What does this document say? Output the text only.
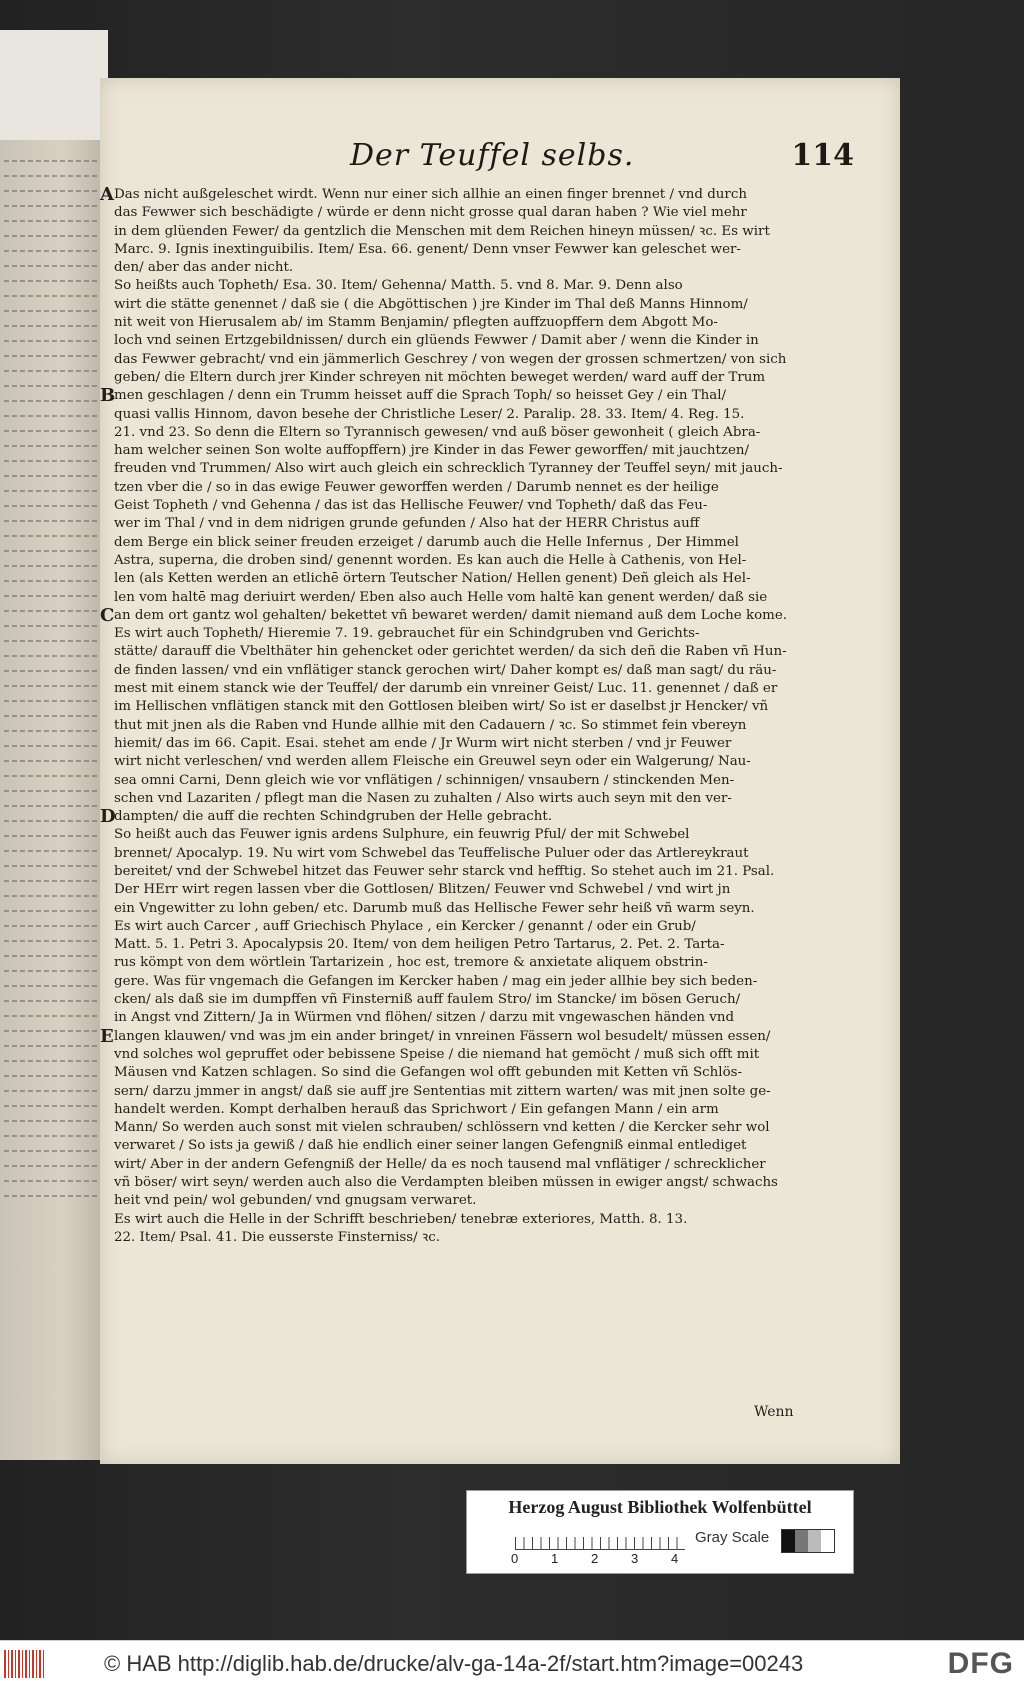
Der Teuffel selbs.	114
A Das nicht außgeleschet wirdt. Wenn nur einer sich allhie an einen finger brennet / vnd durch
das Fewwer sich beschädigte / würde er denn nicht grosse qual daran haben ? Wie viel mehr
in dem glüenden Fewer/ da gentzlich die Menschen mit dem Reichen hineyn müssen/ ꝛc. Es wirt
Marc. 9. Ignis inextinguibilis. Item/ Esa. 66. genent/ Denn vnser Fewwer kan geleschet wer-
den/ aber das ander nicht.
So heißts auch Topheth/ Esa. 30. Item/ Gehenna/ Matth. 5. vnd 8. Mar. 9. Denn also
wirt die stätte genennet / daß sie ( die Abgöttischen ) jre Kinder im Thal deß Manns Hinnom/
nit weit von Hierusalem ab/ im Stamm Benjamin/ pflegten auffzuopffern dem Abgott Mo-
loch vnd seinen Ertzgebildnissen/ durch ein glüends Fewwer / Damit aber / wenn die Kinder in
das Fewwer gebracht/ vnd ein jämmerlich Geschrey / von wegen der grossen schmertzen/ von sich
geben/ die Eltern durch jrer Kinder schreyen nit möchten beweget werden/ ward auff der Trum
B
men geschlagen / denn ein Trumm heisset auff die Sprach Toph/ so heisset Gey / ein Thal/
quasi vallis Hinnom, davon besehe der Christliche Leser/ 2. Paralip. 28. 33. Item/ 4. Reg. 15.
21. vnd 23. So denn die Eltern so Tyrannisch gewesen/ vnd auß böser gewonheit ( gleich Abra-
ham welcher seinen Son wolte auffopffern) jre Kinder in das Fewer geworffen/ mit jauchtzen/
freuden vnd Trummen/ Also wirt auch gleich ein schrecklich Tyranney der Teuffel seyn/ mit jauch-
tzen vber die / so in das ewige Feuwer geworffen werden / Darumb nennet es der heilige
Geist Topheth / vnd Gehenna / das ist das Hellische Feuwer/ vnd Topheth/ daß das Feu-
wer im Thal / vnd in dem nidrigen grunde gefunden / Also hat der HERR Christus auff
dem Berge ein blick seiner freuden erzeiget / darumb auch die Helle Infernus , Der Himmel
Astra, superna, die droben sind/ genennt worden. Es kan auch die Helle à Cathenis, von Hel-
len (als Ketten werden an etlichē örtern Teutscher Nation/ Hellen genent) Deñ gleich als Hel-
len vom haltē mag deriuirt werden/ Eben also auch Helle vom haltē kan genent werden/ daß sie
C an dem ort gantz wol gehalten/ bekettet vñ bewaret werden/ damit niemand auß dem Loche kome.
Es wirt auch Topheth/ Hieremie 7. 19. gebrauchet für ein Schindgruben vnd Gerichts-
stätte/ darauff die Vbelthäter hin gehencket oder gerichtet werden/ da sich deñ die Raben vñ Hun-
de finden lassen/ vnd ein vnflätiger stanck gerochen wirt/ Daher kompt es/ daß man sagt/ du räu-
mest mit einem stanck wie der Teuffel/ der darumb ein vnreiner Geist/ Luc. 11. genennet / daß er
im Hellischen vnflätigen stanck mit den Gottlosen bleiben wirt/ So ist er daselbst jr Hencker/ vñ
thut mit jnen als die Raben vnd Hunde allhie mit den Cadauern / ꝛc. So stimmet fein vbereyn
hiemit/ das im 66. Capit. Esai. stehet am ende / Jr Wurm wirt nicht sterben / vnd jr Feuwer
wirt nicht verleschen/ vnd werden allem Fleische ein Greuwel seyn oder ein Walgerung/ Nau-
sea omni Carni, Denn gleich wie vor vnflätigen / schinnigen/ vnsaubern / stinckenden Men-
schen vnd Lazariten / pflegt man die Nasen zu zuhalten / Also wirts auch seyn mit den ver-
D
dampten/ die auff die rechten Schindgruben der Helle gebracht.
So heißt auch das Feuwer ignis ardens Sulphure, ein feuwrig Pful/ der mit Schwebel
brennet/ Apocalyp. 19. Nu wirt vom Schwebel das Teuffelische Puluer oder das Artlereykraut
bereitet/ vnd der Schwebel hitzet das Feuwer sehr starck vnd hefftig. So stehet auch im 21. Psal.
Der HErr wirt regen lassen vber die Gottlosen/ Blitzen/ Feuwer vnd Schwebel / vnd wirt jn
ein Vngewitter zu lohn geben/ etc. Darumb muß das Hellische Fewer sehr heiß vñ warm seyn.
Es wirt auch Carcer , auff Griechisch Phylace , ein Kercker / genannt / oder ein Grub/
Matt. 5. 1. Petri 3. Apocalypsis 20. Item/ von dem heiligen Petro Tartarus, 2. Pet. 2. Tarta-
rus kömpt von dem wörtlein Tartarizein , hoc est, tremore & anxietate aliquem obstrin-
gere. Was für vngemach die Gefangen im Kercker haben / mag ein jeder allhie bey sich beden-
cken/ als daß sie im dumpffen vñ Finsterniß auff faulem Stro/ im Stancke/ im bösen Geruch/
in Angst vnd Zittern/ Ja in Würmen vnd flöhen/ sitzen / darzu mit vngewaschen händen vnd
E langen klauwen/ vnd was jm ein ander bringet/ in vnreinen Fässern wol besudelt/ müssen essen/
vnd solches wol gepruffet oder bebissene Speise / die niemand hat gemöcht / muß sich offt mit
Mäusen vnd Katzen schlagen. So sind die Gefangen wol offt gebunden mit Ketten vñ Schlös-
sern/ darzu jmmer in angst/ daß sie auff jre Sententias mit zittern warten/ was mit jnen solte ge-
handelt werden. Kompt derhalben herauß das Sprichwort / Ein gefangen Mann / ein arm
Mann/ So werden auch sonst mit vielen schrauben/ schlössern vnd ketten / die Kercker sehr wol
verwaret / So ists ja gewiß / daß hie endlich einer seiner langen Gefengniß einmal entlediget
wirt/ Aber in der andern Gefengniß der Helle/ da es noch tausend mal vnflätiger / schrecklicher
vñ böser/ wirt seyn/ werden auch also die Verdampten bleiben müssen in ewiger angst/ schwachs
heit vnd pein/ wol gebunden/ vnd gnugsam verwaret.
Es wirt auch die Helle in der Schrifft beschrieben/ tenebræ exteriores, Matth. 8. 13.
22. Item/ Psal. 41. Die eusserste Finsterniss/ ꝛc.
Wenn
Herzog August Bibliothek Wolfenbüttel
0	1	2	3	4
Gray Scale
© HAB http://diglib.hab.de/drucke/alv-ga-14a-2f/start.htm?image=00243	DFG
